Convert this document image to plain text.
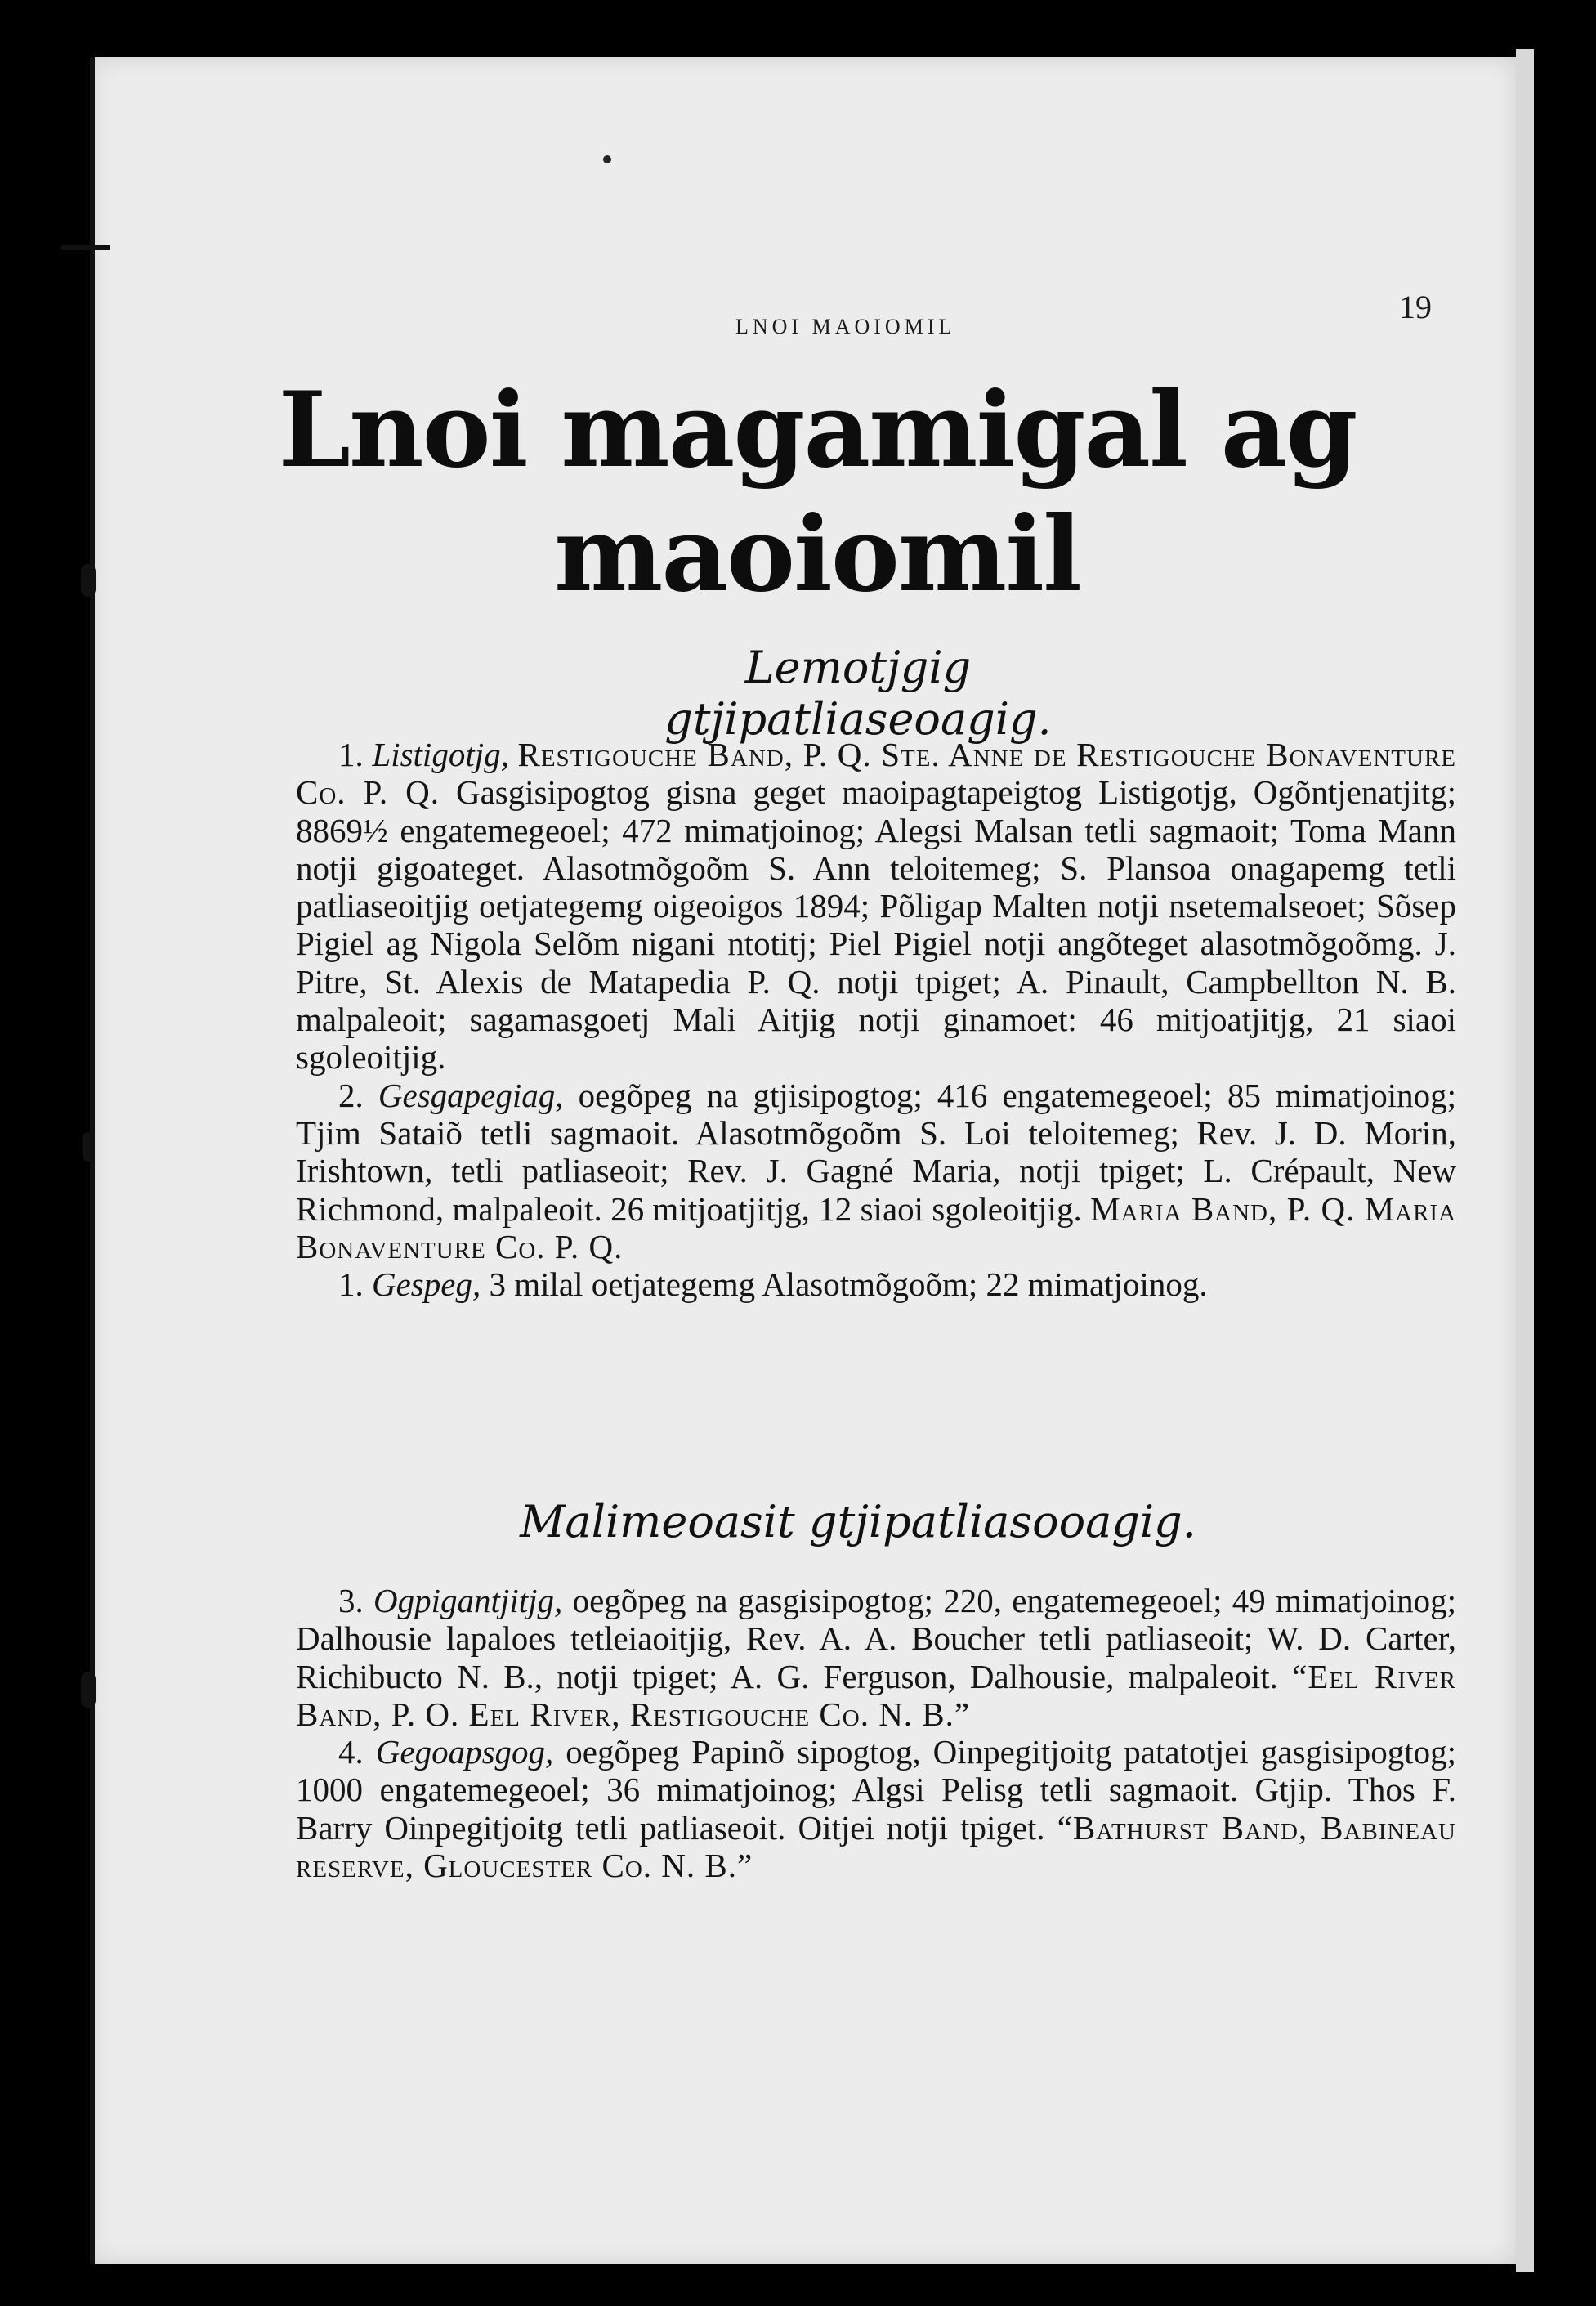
LNOI MAOIOMIL
19
Lnoi magamigal ag
maoiomil
Lemotjgig gtjipatliaseoagig.

1. Listigotjg, Restigouche Band, P. Q. Ste. Anne de Restigouche Bonaventure Co. P. Q. Gasgisipogtog gisna geget maoipagtapeigtog Listigotjg, Ogõntjenatjitg; 8869½ engatemegeoel; 472 mimatjoinog; Alegsi Malsan tetli sagmaoit; Toma Mann notji gigoateget. Alasotmõgoõm S. Ann teloitemeg; S. Plansoa onagapemg tetli patliaseoitjig oetjategemg oigeoigos 1894; Põligap Malten notji nsetemalseoet; Sõsep Pigiel ag Nigola Selõm nigani ntotitj; Piel Pigiel notji angõteget alasotmõgoõmg. J. Pitre, St. Alexis de Matapedia P. Q. notji tpiget; A. Pinault, Campbellton N. B. malpaleoit; sagamasgoetj Mali Aitjig notji ginamoet: 46 mitjoatjitjg, 21 siaoi sgoleoitjig.

2. Gesgapegiag, oegõpeg na gtjisipogtog; 416 engatemegeoel; 85 mimatjoinog; Tjim Sataiõ tetli sagmaoit. Alasotmõgoõm S. Loi teloitemeg; Rev. J. D. Morin, Irishtown, tetli patliaseoit; Rev. J. Gagné Maria, notji tpiget; L. Crépault, New Richmond, malpaleoit. 26 mitjoatjitjg, 12 siaoi sgoleoitjig. Maria Band, P. Q. Maria Bonaventure Co. P. Q.

1. Gespeg, 3 milal oetjategemg Alasotmõgoõm; 22 mimatjoinog.

Malimeoasit gtjipatliasooagig.

3. Ogpigantjitjg, oegõpeg na gasgisipogtog; 220, engatemegeoel; 49 mimatjoinog; Dalhousie lapaloes tetleiaoitjig, Rev. A. A. Boucher tetli patliaseoit; W. D. Carter, Richibucto N. B., notji tpiget; A. G. Ferguson, Dalhousie, malpaleoit. “Eel River Band, P. O. Eel River, Restigouche Co. N. B.”

4. Gegoapsgog, oegõpeg Papinõ sipogtog, Oinpegitjoitg patatotjei gasgisipogtog; 1000 engatemegeoel; 36 mimatjoinog; Algsi Pelisg tetli sagmaoit. Gtjip. Thos F. Barry Oinpegitjoitg tetli patliaseoit. Oitjei notji tpiget. “Bathurst Band, Babineau reserve, Gloucester Co. N. B.”
